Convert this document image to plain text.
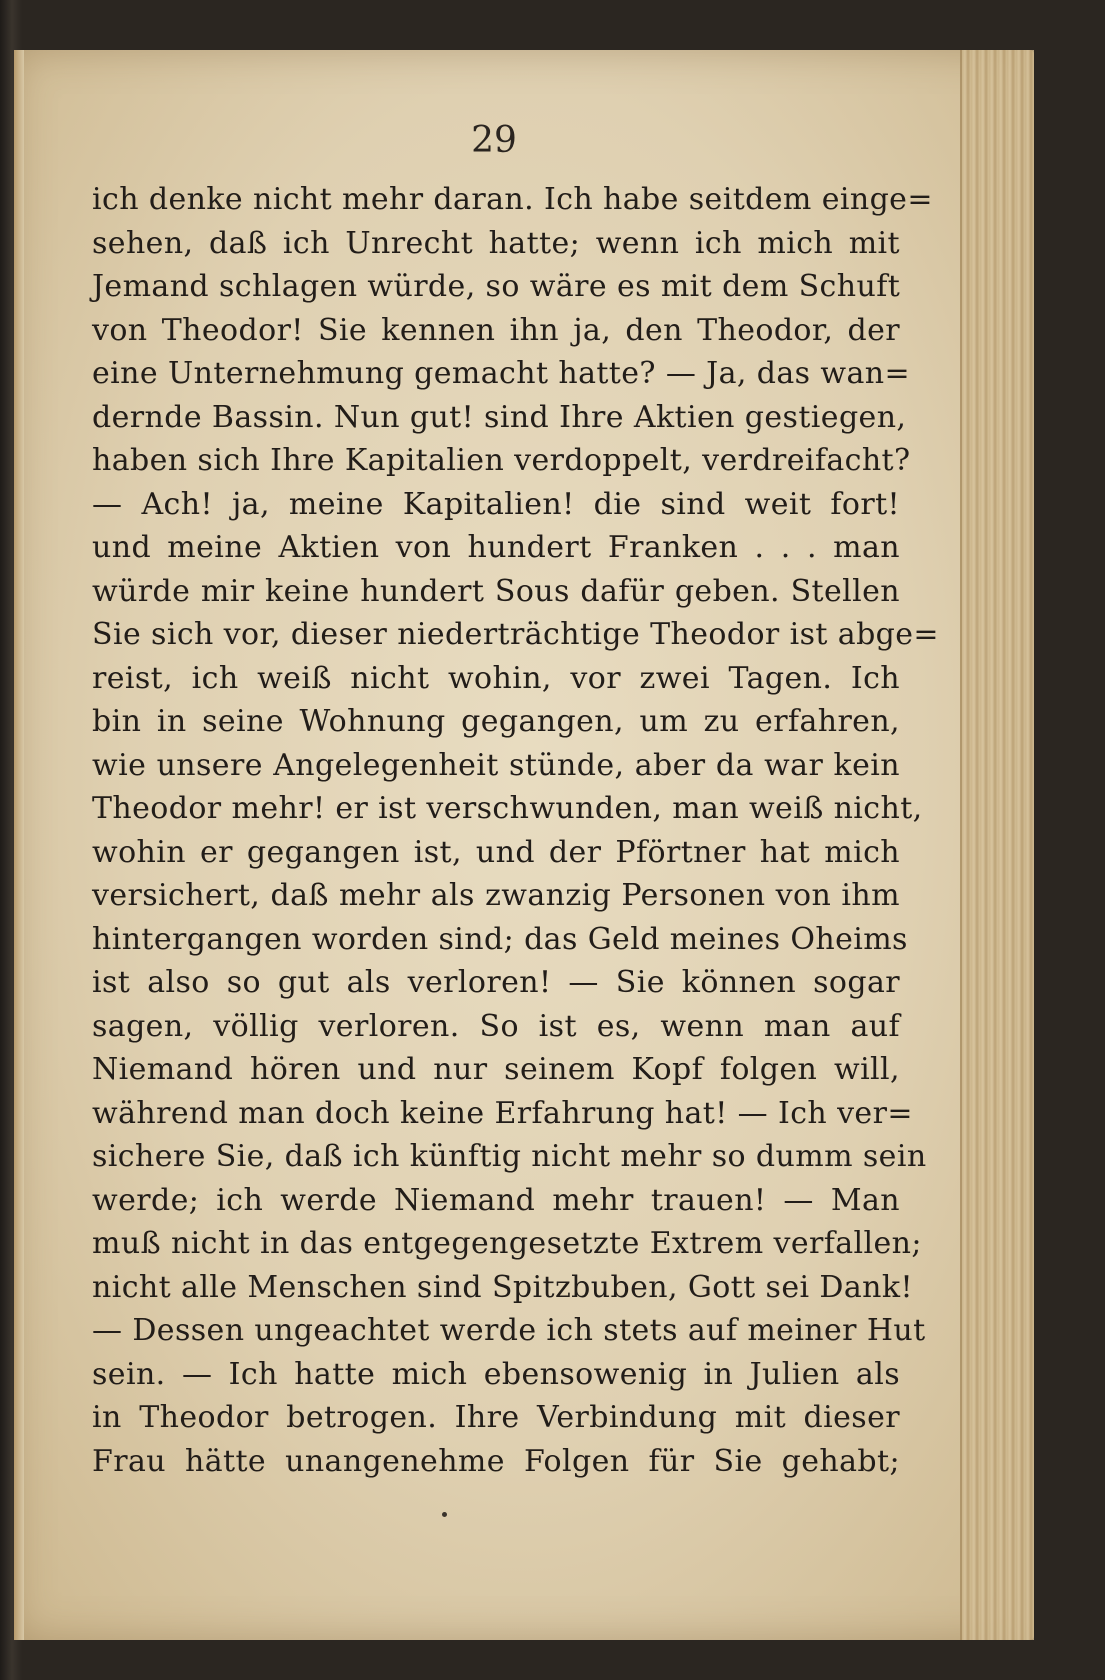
29
ich denke nicht mehr daran. Ich habe seitdem einge=
sehen, daß ich Unrecht hatte; wenn ich mich mit
Jemand schlagen würde, so wäre es mit dem Schuft
von Theodor! Sie kennen ihn ja, den Theodor, der
eine Unternehmung gemacht hatte? — Ja, das wan=
dernde Bassin. Nun gut! sind Ihre Aktien gestiegen,
haben sich Ihre Kapitalien verdoppelt, verdreifacht?
— Ach! ja, meine Kapitalien! die sind weit fort!
und meine Aktien von hundert Franken . . . man
würde mir keine hundert Sous dafür geben. Stellen
Sie sich vor, dieser niederträchtige Theodor ist abge=
reist, ich weiß nicht wohin, vor zwei Tagen. Ich
bin in seine Wohnung gegangen, um zu erfahren,
wie unsere Angelegenheit stünde, aber da war kein
Theodor mehr! er ist verschwunden, man weiß nicht,
wohin er gegangen ist, und der Pförtner hat mich
versichert, daß mehr als zwanzig Personen von ihm
hintergangen worden sind; das Geld meines Oheims
ist also so gut als verloren! — Sie können sogar
sagen, völlig verloren. So ist es, wenn man auf
Niemand hören und nur seinem Kopf folgen will,
während man doch keine Erfahrung hat! — Ich ver=
sichere Sie, daß ich künftig nicht mehr so dumm sein
werde; ich werde Niemand mehr trauen! — Man
muß nicht in das entgegengesetzte Extrem verfallen;
nicht alle Menschen sind Spitzbuben, Gott sei Dank!
— Dessen ungeachtet werde ich stets auf meiner Hut
sein. — Ich hatte mich ebensowenig in Julien als
in Theodor betrogen. Ihre Verbindung mit dieser
Frau hätte unangenehme Folgen für Sie gehabt;
